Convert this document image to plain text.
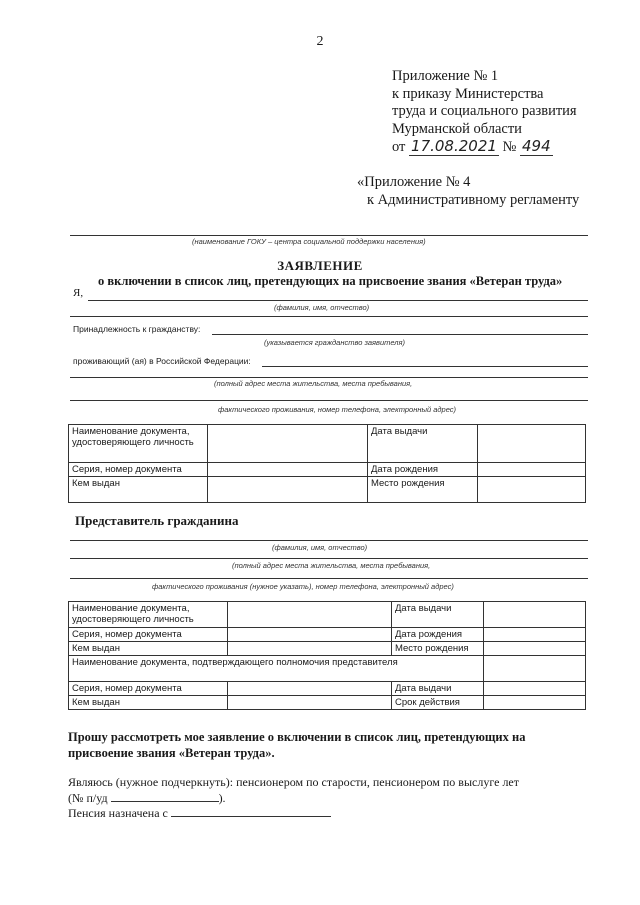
2
Приложение № 1
к приказу Министерства
труда и социального развития
Мурманской области
от 17.08.2021 № 494
«Приложение № 4
к Административному регламенту
(наименование ГОКУ – центра социальной поддержки населения)
ЗАЯВЛЕНИЕ
о включении в список лиц, претендующих на присвоение звания «Ветеран труда»
Я,
(фамилия, имя, отчество)
Принадлежность к гражданству:
(указывается гражданство заявителя)
проживающий (ая) в Российской Федерации:
(полный адрес места жительства, места пребывания,
фактического проживания, номер телефона, электронный адрес)
Наименование документа, удостоверяющего личность		Дата выдачи	
Серия, номер документа		Дата рождения	
Кем выдан		Место рождения	
Представитель гражданина
(фамилия, имя, отчество)
(полный адрес места жительства, места пребывания,
фактического проживания (нужное указать), номер телефона, электронный адрес)
Наименование документа, удостоверяющего личность		Дата выдачи	
Серия, номер документа		Дата рождения	
Кем выдан		Место рождения	
Наименование документа, подтверждающего полномочия представителя			
Серия, номер документа		Дата выдачи	
Кем выдан		Срок действия	
Прошу рассмотреть мое заявление о включении в список лиц, претендующих на присвоение звания «Ветеран труда».
Являюсь (нужное подчеркнуть): пенсионером по старости, пенсионером по выслуге лет
(№ п/уд	).
Пенсия назначена с
